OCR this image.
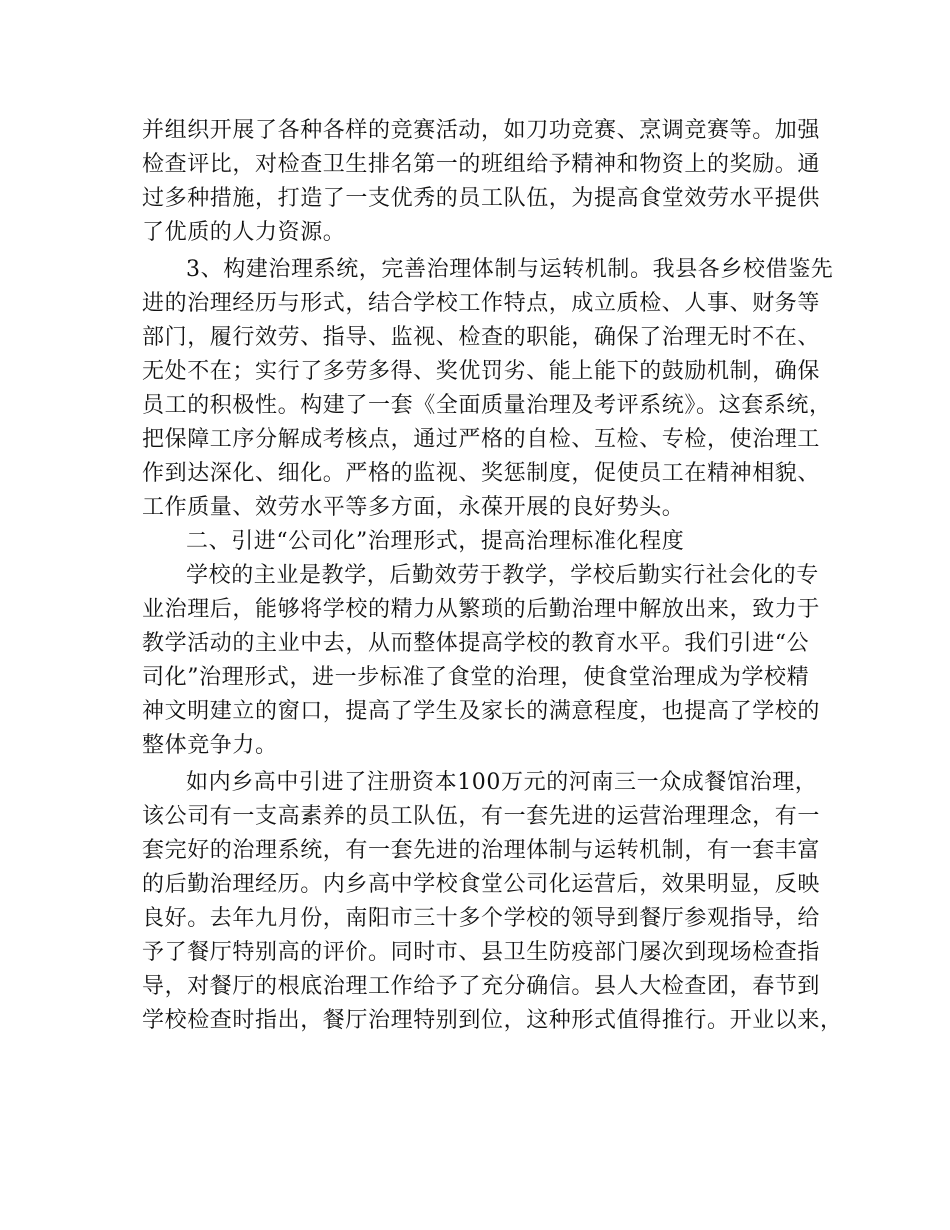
并组织开展了各种各样的竞赛活动，如刀功竞赛、烹调竞赛等。加强
检查评比，对检查卫生排名第一的班组给予精神和物资上的奖励。通
过多种措施，打造了一支优秀的员工队伍，为提高食堂效劳水平提供
了优质的人力资源。
3、构建治理系统，完善治理体制与运转机制。我县各乡校借鉴先
进的治理经历与形式，结合学校工作特点，成立质检、人事、财务等
部门，履行效劳、指导、监视、检查的职能，确保了治理无时不在、
无处不在；实行了多劳多得、奖优罚劣、能上能下的鼓励机制，确保
员工的积极性。构建了一套《全面质量治理及考评系统》。这套系统，
把保障工序分解成考核点，通过严格的自检、互检、专检，使治理工
作到达深化、细化。严格的监视、奖惩制度，促使员工在精神相貌、
工作质量、效劳水平等多方面，永葆开展的良好势头。
二、引进“公司化”治理形式，提高治理标准化程度
学校的主业是教学，后勤效劳于教学，学校后勤实行社会化的专
业治理后，能够将学校的精力从繁琐的后勤治理中解放出来，致力于
教学活动的主业中去，从而整体提高学校的教育水平。我们引进“公
司化”治理形式，进一步标准了食堂的治理，使食堂治理成为学校精
神文明建立的窗口，提高了学生及家长的满意程度，也提高了学校的
整体竞争力。
如内乡高中引进了注册资本100万元的河南三一众成餐馆治理，
该公司有一支高素养的员工队伍，有一套先进的运营治理理念，有一
套完好的治理系统，有一套先进的治理体制与运转机制，有一套丰富
的后勤治理经历。内乡高中学校食堂公司化运营后，效果明显，反映
良好。去年九月份，南阳市三十多个学校的领导到餐厅参观指导，给
予了餐厅特别高的评价。同时市、县卫生防疫部门屡次到现场检查指
导，对餐厅的根底治理工作给予了充分确信。县人大检查团，春节到
学校检查时指出，餐厅治理特别到位，这种形式值得推行。开业以来，
